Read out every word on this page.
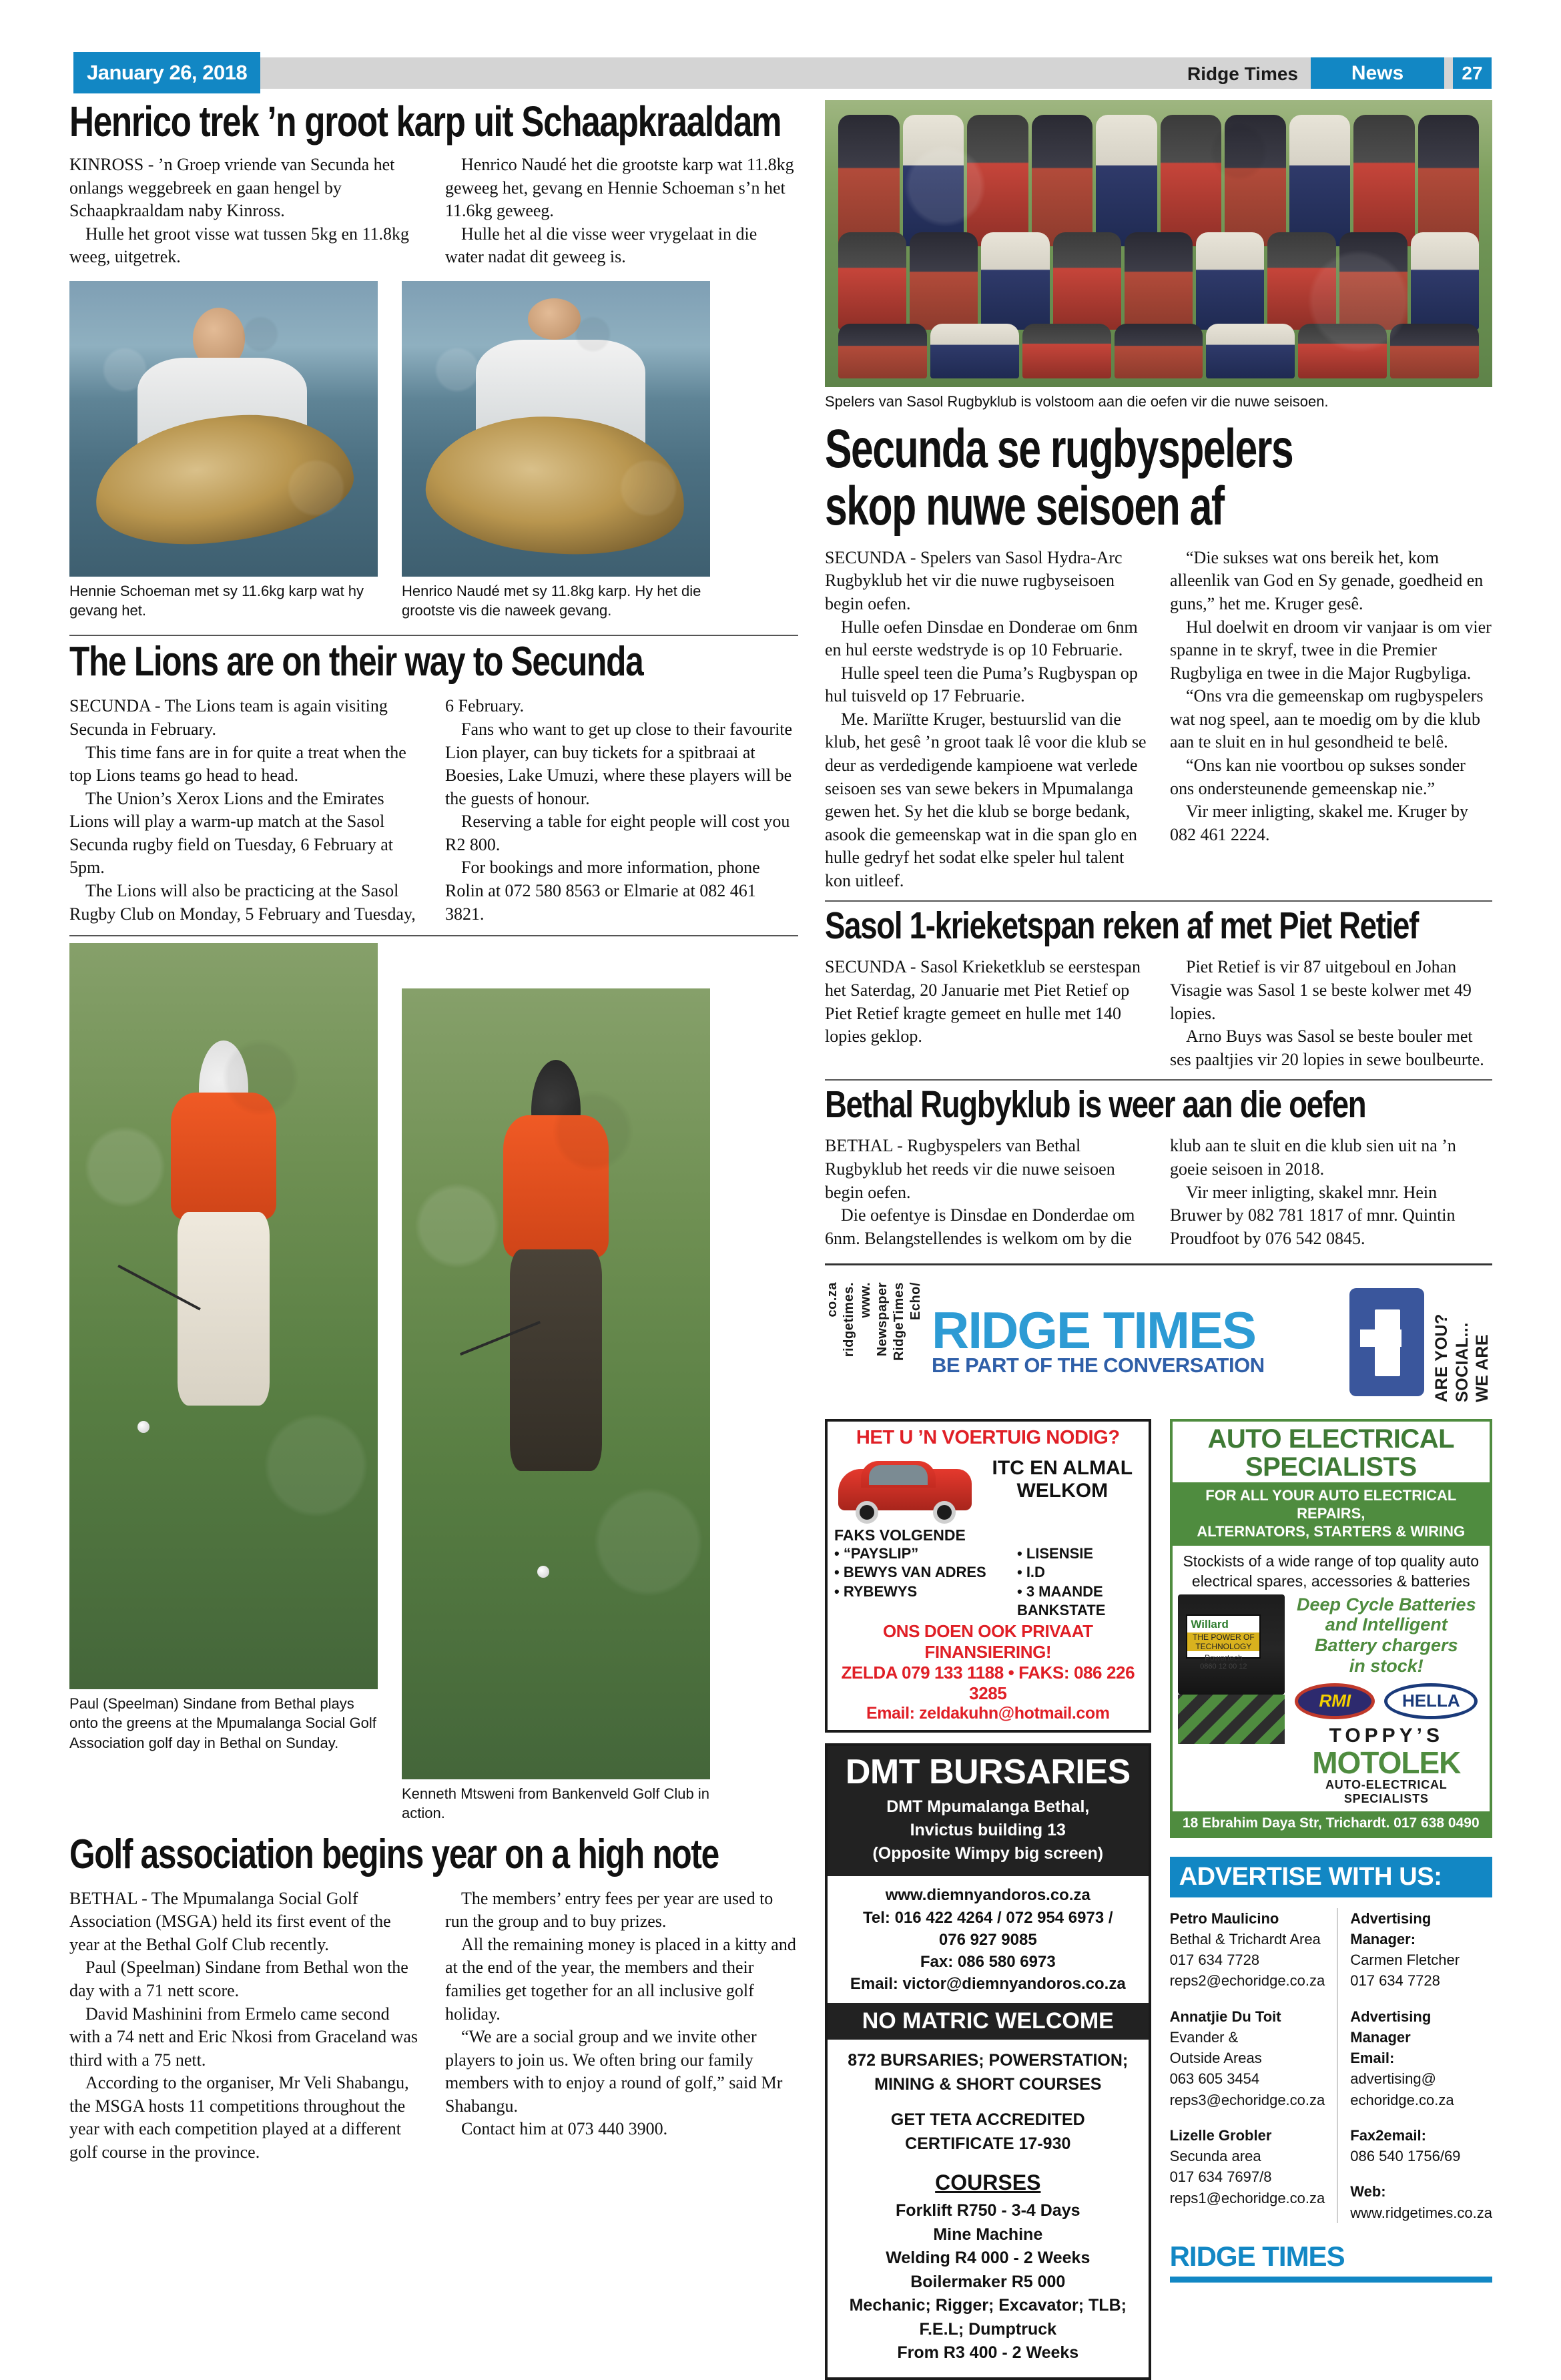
January 26, 2018	Ridge Times	News	27
Henrico trek ’n groot karp uit Schaapkraaldam

KINROSS - ’n Groep vriende van Secunda het onlangs weggebreek en gaan hengel by Schaapkraaldam naby Kinross.

Hulle het groot visse wat tussen 5kg en 11.8kg weeg, uitgetrek.

Henrico Naudé het die grootste karp wat 11.8kg geweeg het, gevang en Hennie Schoeman s’n het 11.6kg geweeg.

Hulle het al die visse weer vrygelaat in die water nadat dit geweeg is.

Hennie Schoeman met sy 11.6kg karp wat hy gevang het.
Henrico Naudé met sy 11.8kg karp. Hy het die grootste vis die naweek gevang.
The Lions are on their way to Secunda

SECUNDA - The Lions team is again visiting Secunda in February.

This time fans are in for quite a treat when the top Lions teams go head to head.

The Union’s Xerox Lions and the Emirates Lions will play a warm-up match at the Sasol Secunda rugby field on Tuesday, 6 February at 5pm.

The Lions will also be practicing at the Sasol Rugby Club on Monday, 5 February and Tuesday, 6 February.

Fans who want to get up close to their favourite Lion player, can buy tickets for a spitbraai at Boesies, Lake Umuzi, where these players will be the guests of honour.

Reserving a table for eight people will cost you R2 800.

For bookings and more information, phone Rolin at 072 580 8563 or Elmarie at 082 461 3821.

Paul (Speelman) Sindane from Bethal plays onto the greens at the Mpumalanga Social Golf Association golf day in Bethal on Sunday.
Kenneth Mtsweni from Bankenveld Golf Club in action.
Golf association begins year on a high note

BETHAL - The Mpumalanga Social Golf Association (MSGA) held its first event of the year at the Bethal Golf Club recently.

Paul (Speelman) Sindane from Bethal won the day with a 71 nett score.

David Mashinini from Ermelo came second with a 74 nett and Eric Nkosi from Graceland was third with a 75 nett.

According to the organiser, Mr Veli Shabangu, the MSGA hosts 11 competitions throughout the year with each competition played at a different golf course in the province.

The members’ entry fees per year are used to run the group and to buy prizes.

All the remaining money is placed in a kitty and at the end of the year, the members and their families get together for an all inclusive golf holiday.

“We are a social group and we invite other players to join us. We often bring our family members with to enjoy a round of golf,” said Mr Shabangu.

Contact him at 073 440 3900.

Spelers van Sasol Rugbyklub is volstoom aan die oefen vir die nuwe seisoen.
Secunda se rugbyspelers
skop nuwe seisoen af

SECUNDA - Spelers van Sasol Hydra-Arc Rugbyklub het vir die nuwe rugbyseisoen begin oefen.

Hulle oefen Dinsdae en Donderae om 6nm en hul eerste wedstryde is op 10 Februarie.

Hulle speel teen die Puma’s Rugbyspan op hul tuisveld op 17 Februarie.

Me. Mariïtte Kruger, bestuurslid van die klub, het gesê ’n groot taak lê voor die klub se deur as verdedigende kampioene wat verlede seisoen ses van sewe bekers in Mpumalanga gewen het. Sy het die klub se borge bedank, asook die gemeenskap wat in die span glo en hulle gedryf het sodat elke speler hul talent kon uitleef.

“Die sukses wat ons bereik het, kom alleenlik van God en Sy genade, goedheid en guns,” het me. Kruger gesê.

Hul doelwit en droom vir vanjaar is om vier spanne in te skryf, twee in die Premier Rugbyliga en twee in die Major Rugbyliga.

“Ons vra die gemeenskap om rugbyspelers wat nog speel, aan te moedig om by die klub aan te sluit en in hul gesondheid te belê.

“Ons kan nie voortbou op sukses sonder ons ondersteunende gemeenskap nie.”

Vir meer inligting, skakel me. Kruger by 082 461 2224.

Sasol 1-krieketspan reken af met Piet Retief

SECUNDA - Sasol Krieketklub se eerstespan het Saterdag, 20 Januarie met Piet Retief op Piet Retief kragte gemeet en hulle met 140 lopies geklop.

Piet Retief is vir 87 uitgeboul en Johan Visagie was Sasol 1 se beste kolwer met 49 lopies.

Arno Buys was Sasol se beste bouler met ses paaltjies vir 20 lopies in sewe boulbeurte.

Bethal Rugbyklub is weer aan die oefen

BETHAL - Rugbyspelers van Bethal Rugbyklub het reeds vir die nuwe seisoen begin oefen.

Die oefentye is Dinsdae en Donderdae om 6nm. Belangstellendes is welkom om by die klub aan te sluit en die klub sien uit na ’n goeie seisoen in 2018.

Vir meer inligting, skakel mnr. Hein Bruwer by 082 781 1817 of mnr. Quintin Proudfoot by 076 542 0845.

co.za ridgetimes. www. Newspaper RidgeTimes Echo/ RIDGE TIMES
BE PART OF THE CONVERSATION	ARE YOU? SOCIAL... WE ARE
HET U ’N VOERTUIG NODIG?
ITC EN ALMAL
WELKOM
FAKS VOLGENDE
• “PAYSLIP”
• BEWYS VAN ADRES
• RYBEWYS
• LISENSIE
• I.D
• 3 MAANDE BANKSTATE
ONS DOEN OOK PRIVAAT FINANSIERING!
ZELDA 079 133 1188 • FAKS: 086 226 3285
Email: zeldakuhn@hotmail.com
DMT BURSARIES
DMT Mpumalanga Bethal,
Invictus building 13
(Opposite Wimpy big screen)
www.diemnyandoros.co.za
Tel: 016 422 4264 / 072 954 6973 /
076 927 9085
Fax: 086 580 6973
Email: victor@diemnyandoros.co.za
NO MATRIC WELCOME
872 BURSARIES; POWERSTATION;
MINING & SHORT COURSES
GET TETA ACCREDITED
CERTIFICATE 17-930
COURSES
Forklift R750 - 3-4 Days
Mine Machine
Welding R4 000 - 2 Weeks
Boilermaker R5 000
Mechanic; Rigger; Excavator; TLB;
F.E.L; Dumptruck
From R3 400 - 2 Weeks
AUTO ELECTRICAL
SPECIALISTS
FOR ALL YOUR AUTO ELECTRICAL REPAIRS,
ALTERNATORS, STARTERS & WIRING
Stockists of a wide range of top quality auto
electrical spares, accessories & batteries
Willard
THE POWER OF TECHNOLOGY
Powertech
0860 12 00 12
Deep Cycle Batteries
and Intelligent
Battery chargers
in stock!
RMI	HELLA
TOPPY’S
MOTOLEK
AUTO-ELECTRICAL SPECIALISTS
18 Ebrahim Daya Str, Trichardt. 017 638 0490
ADVERTISE WITH US:
Petro Maulicino
Bethal & Trichardt Area
017 634 7728
reps2@echoridge.co.za
Annatjie Du Toit
Evander &
Outside Areas
063 605 3454
reps3@echoridge.co.za
Lizelle Grobler
Secunda area
017 634 7697/8
reps1@echoridge.co.za
Advertising
Manager:
Carmen Fletcher
017 634 7728
Advertising
Manager
Email:
advertising@
echoridge.co.za
Fax2email:
086 540 1756/69
Web:
www.ridgetimes.co.za
RIDGE TIMES
